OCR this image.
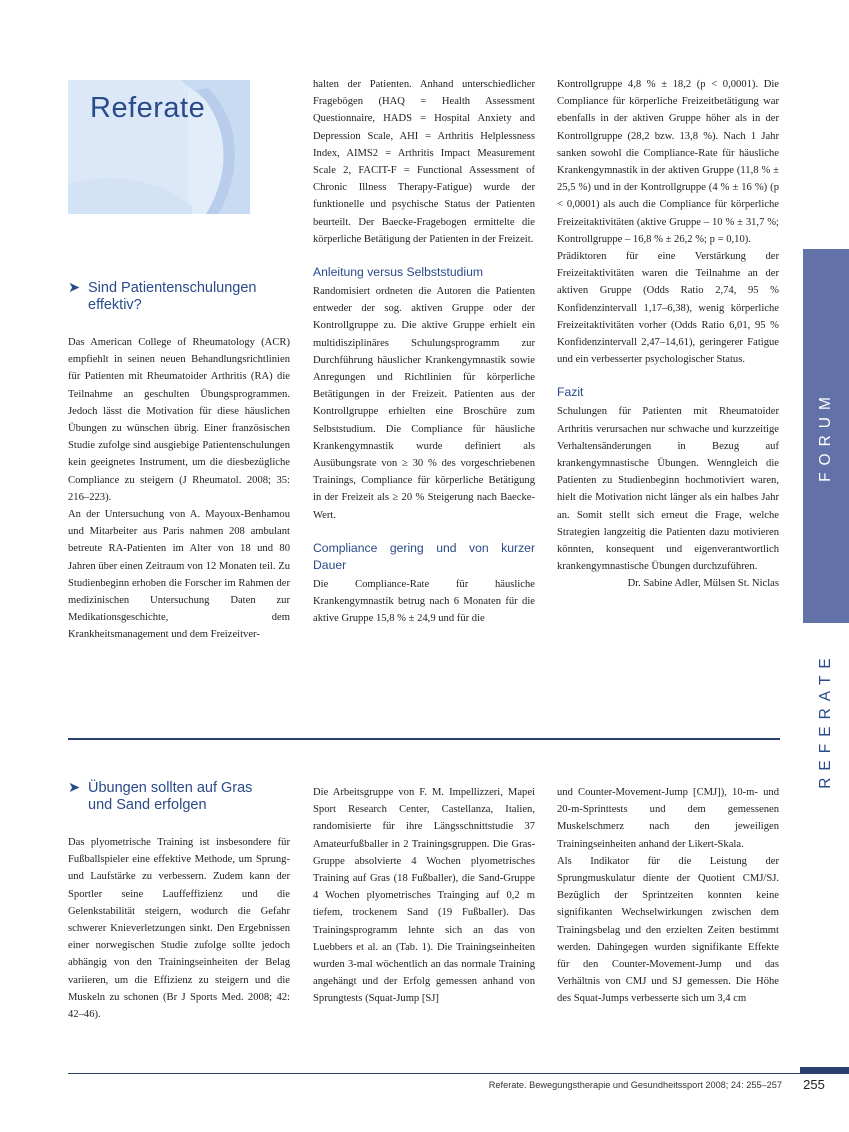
Referate
➤ Sind Patientenschulungen
effektiv?

Das American College of Rheumatology (ACR) empfiehlt in seinen neuen Behandlungsrichtlinien für Patienten mit Rheumatoider Arthritis (RA) die Teilnahme an geschulten Übungsprogrammen. Jedoch lässt die Motivation für diese häuslichen Übungen zu wünschen übrig. Einer französischen Studie zufolge sind ausgiebige Patientenschulungen kein geeignetes Instrument, um die diesbezügliche Compliance zu steigern (J Rheumatol. 2008; 35: 216–223).

An der Untersuchung von A. Mayoux-Benhamou und Mitarbeiter aus Paris nahmen 208 ambulant betreute RA-Patienten im Alter von 18 und 80 Jahren über einen Zeitraum von 12 Monaten teil. Zu Studienbeginn erhoben die Forscher im Rahmen der medizinischen Untersuchung Daten zur Medikationsgeschichte, dem Krankheitsmanagement und dem Freizeitver-

halten der Patienten. Anhand unterschiedlicher Fragebögen (HAQ = Health Assessment Questionnaire, HADS = Hospital Anxiety and Depression Scale, AHI = Arthritis Helplessness Index, AIMS2 = Arthritis Impact Measurement Scale 2, FACIT-F = Functional Assessment of Chronic Illness Therapy-Fatigue) wurde der funktionelle und psychische Status der Patienten beurteilt. Der Baecke-Fragebogen ermittelte die körperliche Betätigung der Patienten in der Freizeit.

Anleitung versus Selbststudium

Randomisiert ordneten die Autoren die Patienten entweder der sog. aktiven Gruppe oder der Kontrollgruppe zu. Die aktive Gruppe erhielt ein multidisziplinäres Schulungsprogramm zur Durchführung häuslicher Krankengymnastik sowie Anregungen und Richtlinien für körperliche Betätigungen in der Freizeit. Patienten aus der Kontrollgruppe erhielten eine Broschüre zum Selbststudium. Die Compliance für häusliche Krankengymnastik wurde definiert als Ausübungsrate von ≥ 30 % des vorgeschriebenen Trainings, Compliance für körperliche Betätigung in der Freizeit als ≥ 20 % Steigerung nach Baecke-Wert.

Compliance gering und von kurzer Dauer

Die Compliance-Rate für häusliche Krankengymnastik betrug nach 6 Monaten für die aktive Gruppe 15,8 % ± 24,9 und für die

Kontrollgruppe 4,8 % ± 18,2 (p < 0,0001). Die Compliance für körperliche Freizeitbetätigung war ebenfalls in der aktiven Gruppe höher als in der Kontrollgruppe (28,2 bzw. 13,8 %). Nach 1 Jahr sanken sowohl die Compliance-Rate für häusliche Krankengymnastik in der aktiven Gruppe (11,8 % ± 25,5 %) und in der Kontrollgruppe (4 % ± 16 %) (p < 0,0001) als auch die Compliance für körperliche Freizeitaktivitäten (aktive Gruppe – 10 % ± 31,7 %; Kontrollgruppe – 16,8 % ± 26,2 %; p = 0,10).

Prädiktoren für eine Verstärkung der Freizeitaktivitäten waren die Teilnahme an der aktiven Gruppe (Odds Ratio 2,74, 95 % Konfidenzintervall 1,17–6,38), wenig körperliche Freizeitaktivitäten vorher (Odds Ratio 6,01, 95 % Konfidenzintervall 2,47–14,61), geringerer Fatigue und ein verbesserter psychologischer Status.

Fazit

Schulungen für Patienten mit Rheumatoider Arthritis verursachen nur schwache und kurzzeitige Verhaltensänderungen in Bezug auf krankengymnastische Übungen. Wenngleich die Patienten zu Studienbeginn hochmotiviert waren, hielt die Motivation nicht länger als ein halbes Jahr an. Somit stellt sich erneut die Frage, welche Strategien langzeitig die Patienten dazu motivieren könnten, konsequent und eigenverantwortlich krankengymnastische Übungen durchzuführen.

Dr. Sabine Adler, Mülsen St. Niclas

➤ Übungen sollten auf Gras
und Sand erfolgen

Das plyometrische Training ist insbesondere für Fußballspieler eine effektive Methode, um Sprung- und Laufstärke zu verbessern. Zudem kann der Sportler seine Lauffeffizienz und die Gelenkstabilität steigern, wodurch die Gefahr schwerer Knieverletzungen sinkt. Den Ergebnissen einer norwegischen Studie zufolge sollte jedoch abhängig von den Trainingseinheiten der Belag variieren, um die Effizienz zu steigern und die Muskeln zu schonen (Br J Sports Med. 2008; 42: 42–46).

Die Arbeitsgruppe von F. M. Impellizzeri, Mapei Sport Research Center, Castellanza, Italien, randomisierte für ihre Längsschnittstudie 37 Amateurfußballer in 2 Trainingsgruppen. Die Gras-Gruppe absolvierte 4 Wochen plyometrisches Training auf Gras (18 Fußballer), die Sand-Gruppe 4 Wochen plyometrisches Trainging auf 0,2 m tiefem, trockenem Sand (19 Fußballer). Das Trainingsprogramm lehnte sich an das von Luebbers et al. an (Tab. 1). Die Trainingseinheiten wurden 3-mal wöchentlich an das normale Training angehängt und der Erfolg gemessen anhand von Sprungtests (Squat-Jump [SJ]

und Counter-Movement-Jump [CMJ]), 10-m- und 20-m-Sprinttests und dem gemessenen Muskelschmerz nach den jeweiligen Trainingseinheiten anhand der Likert-Skala.

Als Indikator für die Leistung der Sprungmuskulatur diente der Quotient CMJ/SJ. Bezüglich der Sprintzeiten konnten keine signifikanten Wechselwirkungen zwischen dem Trainingsbelag und den erzielten Zeiten bestimmt werden. Dahingegen wurden signifikante Effekte für den Counter-Movement-Jump und das Verhältnis von CMJ und SJ gemessen. Die Höhe des Squat-Jumps verbesserte sich um 3,4 cm

FORUM
REFERATE
Referate. Bewegungstherapie und Gesundheitssport 2008; 24: 255–257 255
